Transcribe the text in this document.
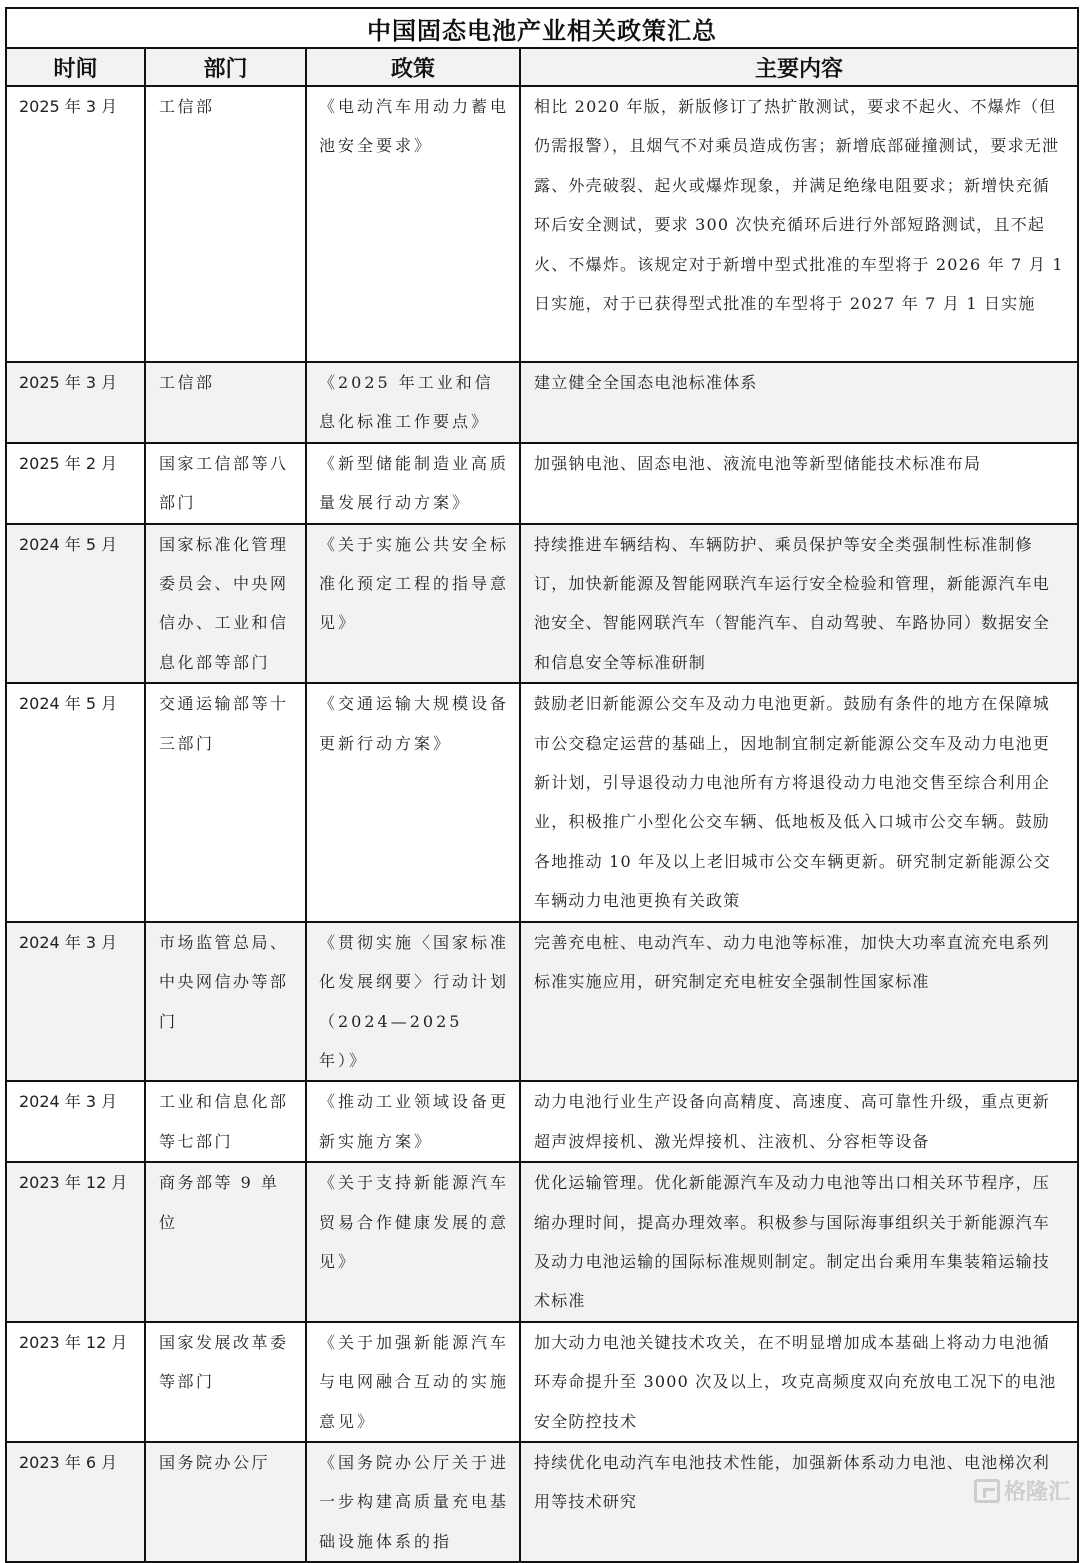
中国固态电池产业相关政策汇总			
时间	部门	政策	主要内容
2025 年 3 月	工信部	《电动汽车用动力蓄电池安全要求》	相比 2020 年版，新版修订了热扩散测试，要求不起火、不爆炸（但仍需报警），且烟气不对乘员造成伤害；新增底部碰撞测试，要求无泄露、外壳破裂、起火或爆炸现象，并满足绝缘电阻要求；新增快充循环后安全测试，要求 300 次快充循环后进行外部短路测试，且不起火、不爆炸。该规定对于新增中型式批准的车型将于 2026 年 7 月 1 日实施，对于已获得型式批准的车型将于 2027 年 7 月 1 日实施
2025 年 3 月	工信部	《2025 年工业和信息化标准工作要点》	建立健全全国态电池标准体系
2025 年 2 月	国家工信部等八部门	《新型储能制造业高质量发展行动方案》	加强钠电池、固态电池、液流电池等新型储能技术标准布局
2024 年 5 月	国家标准化管理委员会、中央网信办、工业和信息化部等部门	《关于实施公共安全标准化预定工程的指导意见》	持续推进车辆结构、车辆防护、乘员保护等安全类强制性标准制修订，加快新能源及智能网联汽车运行安全检验和管理，新能源汽车电池安全、智能网联汽车（智能汽车、自动驾驶、车路协同）数据安全和信息安全等标准研制
2024 年 5 月	交通运输部等十三部门	《交通运输大规模设备更新行动方案》	鼓励老旧新能源公交车及动力电池更新。鼓励有条件的地方在保障城市公交稳定运营的基础上，因地制宜制定新能源公交车及动力电池更新计划，引导退役动力电池所有方将退役动力电池交售至综合利用企业，积极推广小型化公交车辆、低地板及低入口城市公交车辆。鼓励各地推动 10 年及以上老旧城市公交车辆更新。研究制定新能源公交车辆动力电池更换有关政策
2024 年 3 月	市场监管总局、中央网信办等部门	《贯彻实施〈国家标准化发展纲要〉行动计划（2024—2025 年）》	完善充电桩、电动汽车、动力电池等标准，加快大功率直流充电系列标准实施应用，研究制定充电桩安全强制性国家标准
2024 年 3 月	工业和信息化部等七部门	《推动工业领域设备更新实施方案》	动力电池行业生产设备向高精度、高速度、高可靠性升级，重点更新超声波焊接机、激光焊接机、注液机、分容柜等设备
2023 年 12 月	商务部等 9 单位	《关于支持新能源汽车贸易合作健康发展的意见》	优化运输管理。优化新能源汽车及动力电池等出口相关环节程序，压缩办理时间，提高办理效率。积极参与国际海事组织关于新能源汽车及动力电池运输的国际标准规则制定。制定出台乘用车集装箱运输技术标准
2023 年 12 月	国家发展改革委等部门	《关于加强新能源汽车与电网融合互动的实施意见》	加大动力电池关键技术攻关，在不明显增加成本基础上将动力电池循环寿命提升至 3000 次及以上，攻克高频度双向充放电工况下的电池安全防控技术
2023 年 6 月	国务院办公厅	《国务院办公厅关于进一步构建高质量充电基础设施体系的指	持续优化电动汽车电池技术性能，加强新体系动力电池、电池梯次利用等技术研究	格隆汇
